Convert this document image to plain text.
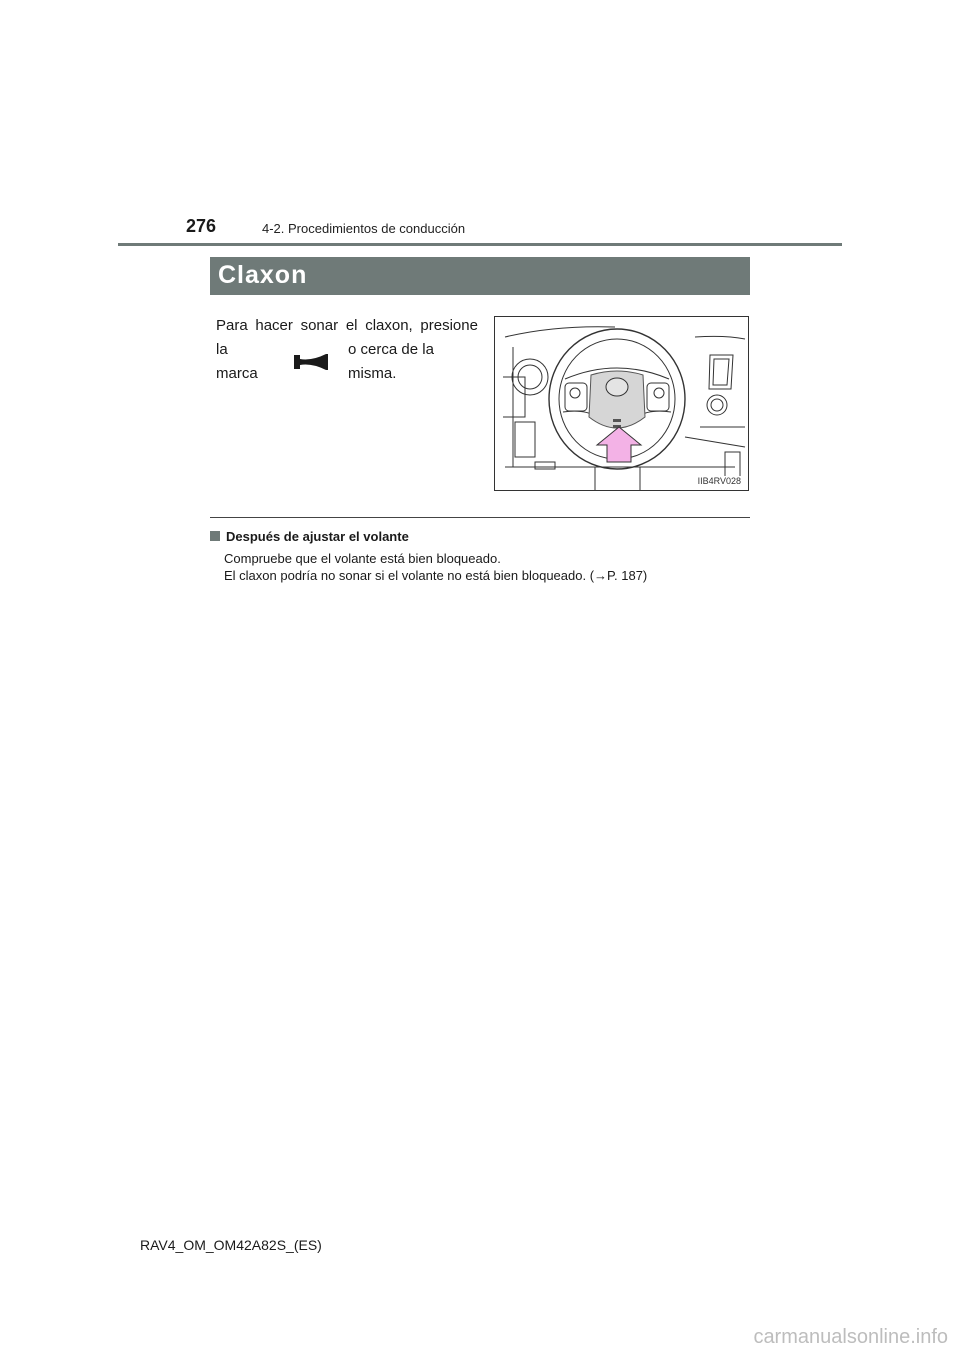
276	4-2. Procedimientos de conducción
Claxon
Para hacer sonar el claxon, presione
la marca
o cerca de la misma.
IIB4RV028
Después de ajustar el volante
Compruebe que el volante está bien bloqueado.
El claxon podría no sonar si el volante no está bien bloqueado. (→P. 187)
RAV4_OM_OM42A82S_(ES)
carmanualsonline.info
